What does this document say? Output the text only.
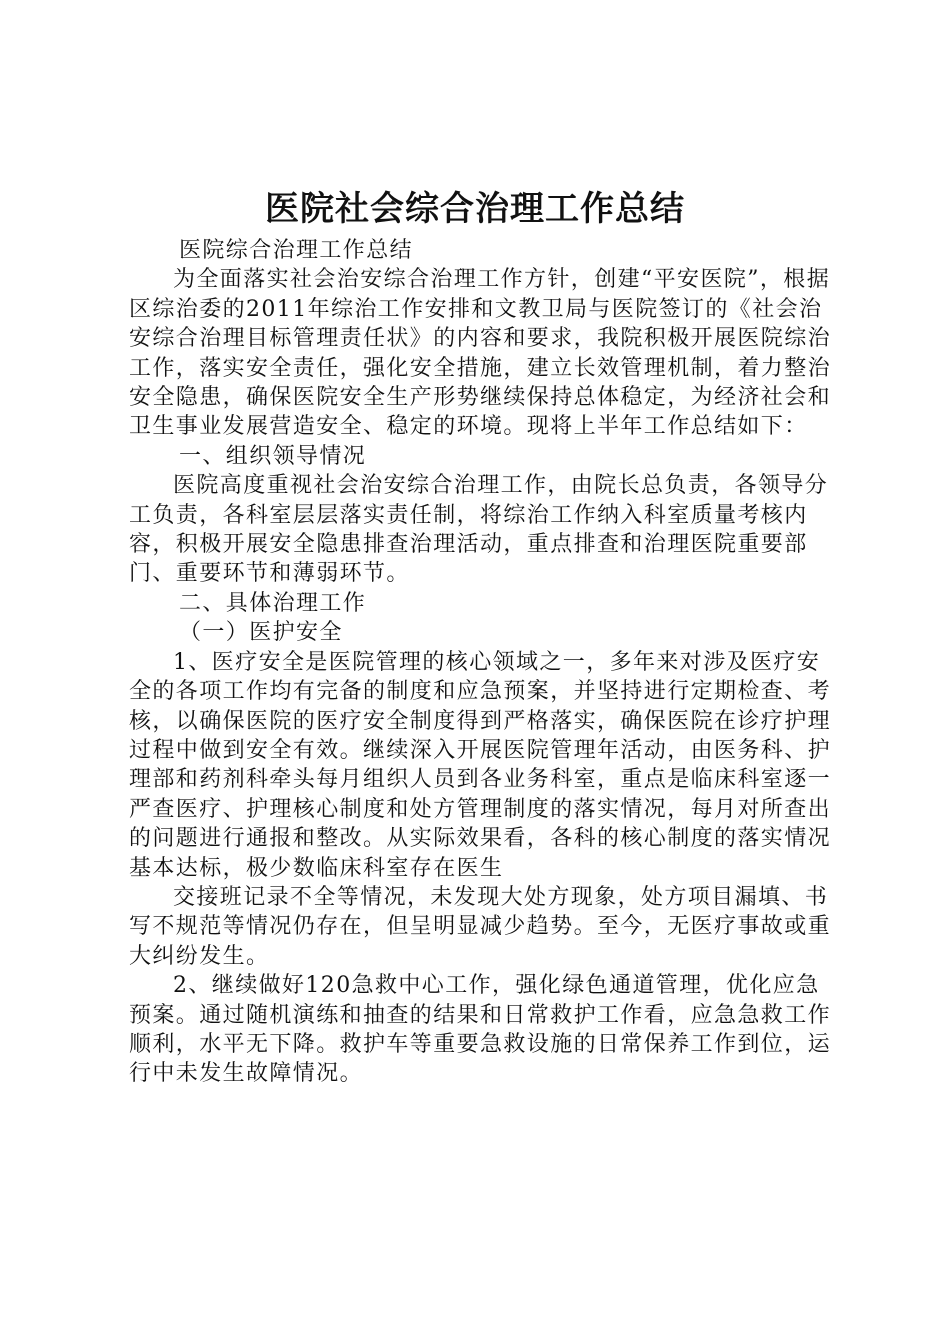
医院社会综合治理工作总结

医院综合治理工作总结

为全面落实社会治安综合治理工作方针，创建“平安医院”，根据区综治委的2011年综治工作安排和文教卫局与医院签订的《社会治安综合治理目标管理责任状》的内容和要求，我院积极开展医院综治工作，落实安全责任，强化安全措施，建立长效管理机制，着力整治安全隐患，确保医院安全生产形势继续保持总体稳定，为经济社会和卫生事业发展营造安全、稳定的环境。现将上半年工作总结如下：

一、组织领导情况

医院高度重视社会治安综合治理工作，由院长总负责，各领导分工负责，各科室层层落实责任制，将综治工作纳入科室质量考核内容，积极开展安全隐患排查治理活动，重点排查和治理医院重要部门、重要环节和薄弱环节。

二、具体治理工作

（一）医护安全

1、医疗安全是医院管理的核心领域之一，多年来对涉及医疗安全的各项工作均有完备的制度和应急预案，并坚持进行定期检查、考核，以确保医院的医疗安全制度得到严格落实，确保医院在诊疗护理过程中做到安全有效。继续深入开展医院管理年活动，由医务科、护理部和药剂科牵头每月组织人员到各业务科室，重点是临床科室逐一严查医疗、护理核心制度和处方管理制度的落实情况，每月对所查出的问题进行通报和整改。从实际效果看，各科的核心制度的落实情况基本达标，极少数临床科室存在医生

交接班记录不全等情况，未发现大处方现象，处方项目漏填、书写不规范等情况仍存在，但呈明显减少趋势。至今，无医疗事故或重大纠纷发生。

2、继续做好120急救中心工作，强化绿色通道管理，优化应急预案。通过随机演练和抽查的结果和日常救护工作看，应急急救工作顺利，水平无下降。救护车等重要急救设施的日常保养工作到位，运行中未发生故障情况。
